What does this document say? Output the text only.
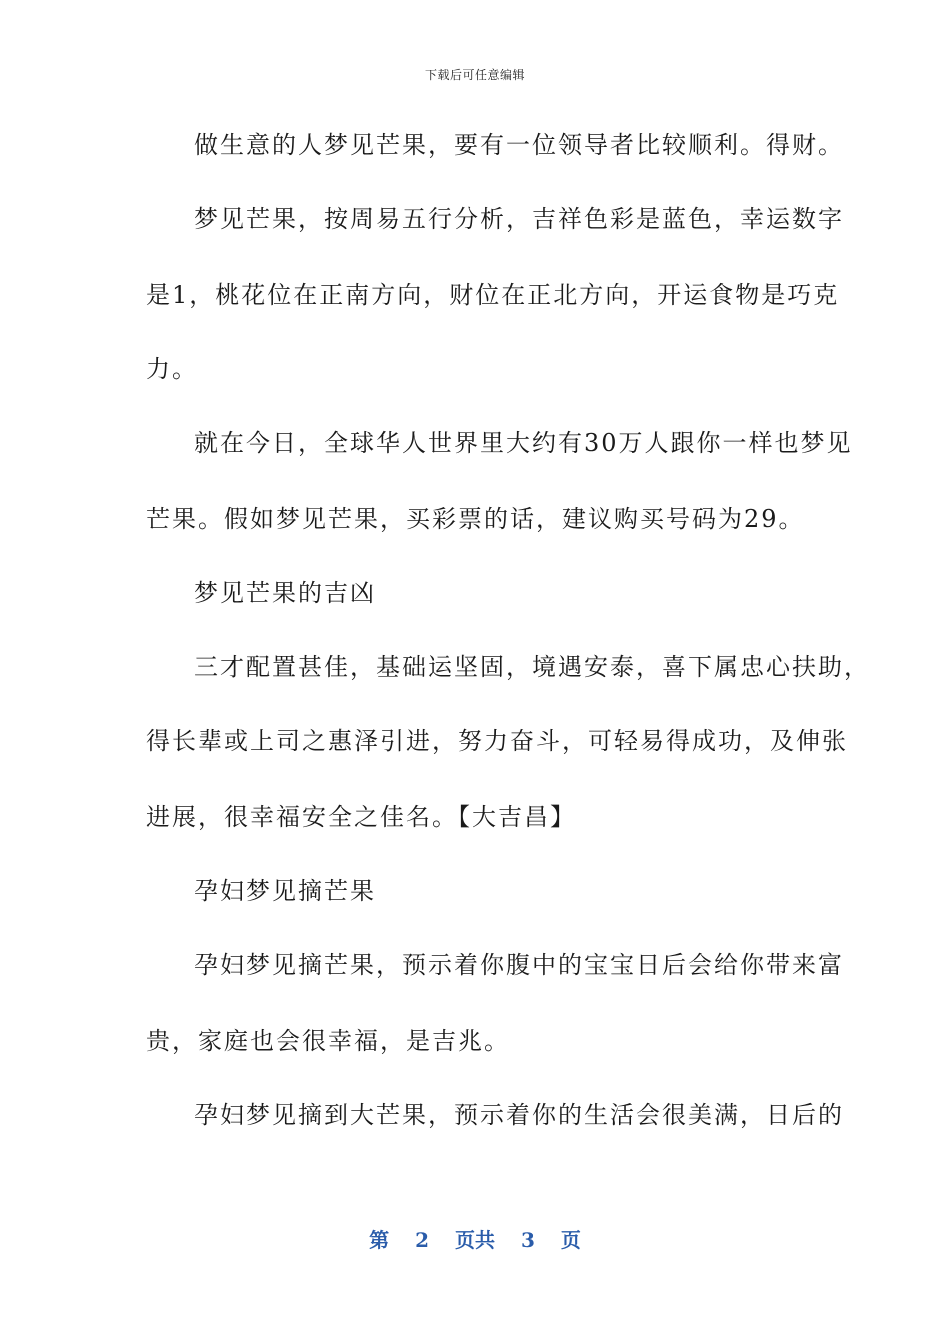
下载后可任意编辑
做生意的人梦见芒果，要有一位领导者比较顺利。得财。
梦见芒果，按周易五行分析，吉祥色彩是蓝色，幸运数字
是1，桃花位在正南方向，财位在正北方向，开运食物是巧克
力。
就在今日，全球华人世界里大约有30万人跟你一样也梦见
芒果。假如梦见芒果，买彩票的话，建议购买号码为29。
梦见芒果的吉凶
三才配置甚佳，基础运坚固，境遇安泰，喜下属忠心扶助，
得长辈或上司之惠泽引进，努力奋斗，可轻易得成功，及伸张
进展，很幸福安全之佳名。【大吉昌】
孕妇梦见摘芒果
孕妇梦见摘芒果，预示着你腹中的宝宝日后会给你带来富
贵，家庭也会很幸福，是吉兆。
孕妇梦见摘到大芒果，预示着你的生活会很美满，日后的
第 2 页共 3 页
